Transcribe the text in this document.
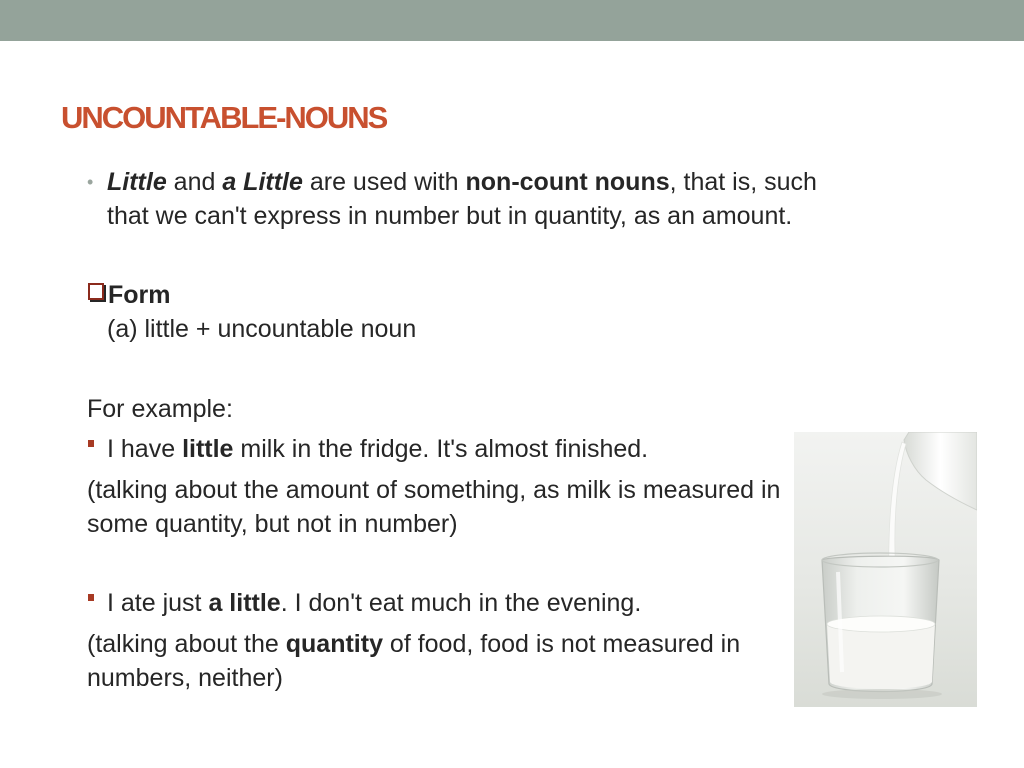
UNCOUNTABLE-NOUNS
• Little and a Little are used with non-count nouns, that is, such
that we can't express in number but in quantity, as an amount.
Form
(a) little + uncountable noun
For example:
I have little milk in the fridge. It's almost finished.
(talking about the amount of something, as milk is measured in
some quantity, but not in number)
I ate just a little. I don't eat much in the evening.
(talking about the quantity of food, food is not measured in
numbers, neither)
